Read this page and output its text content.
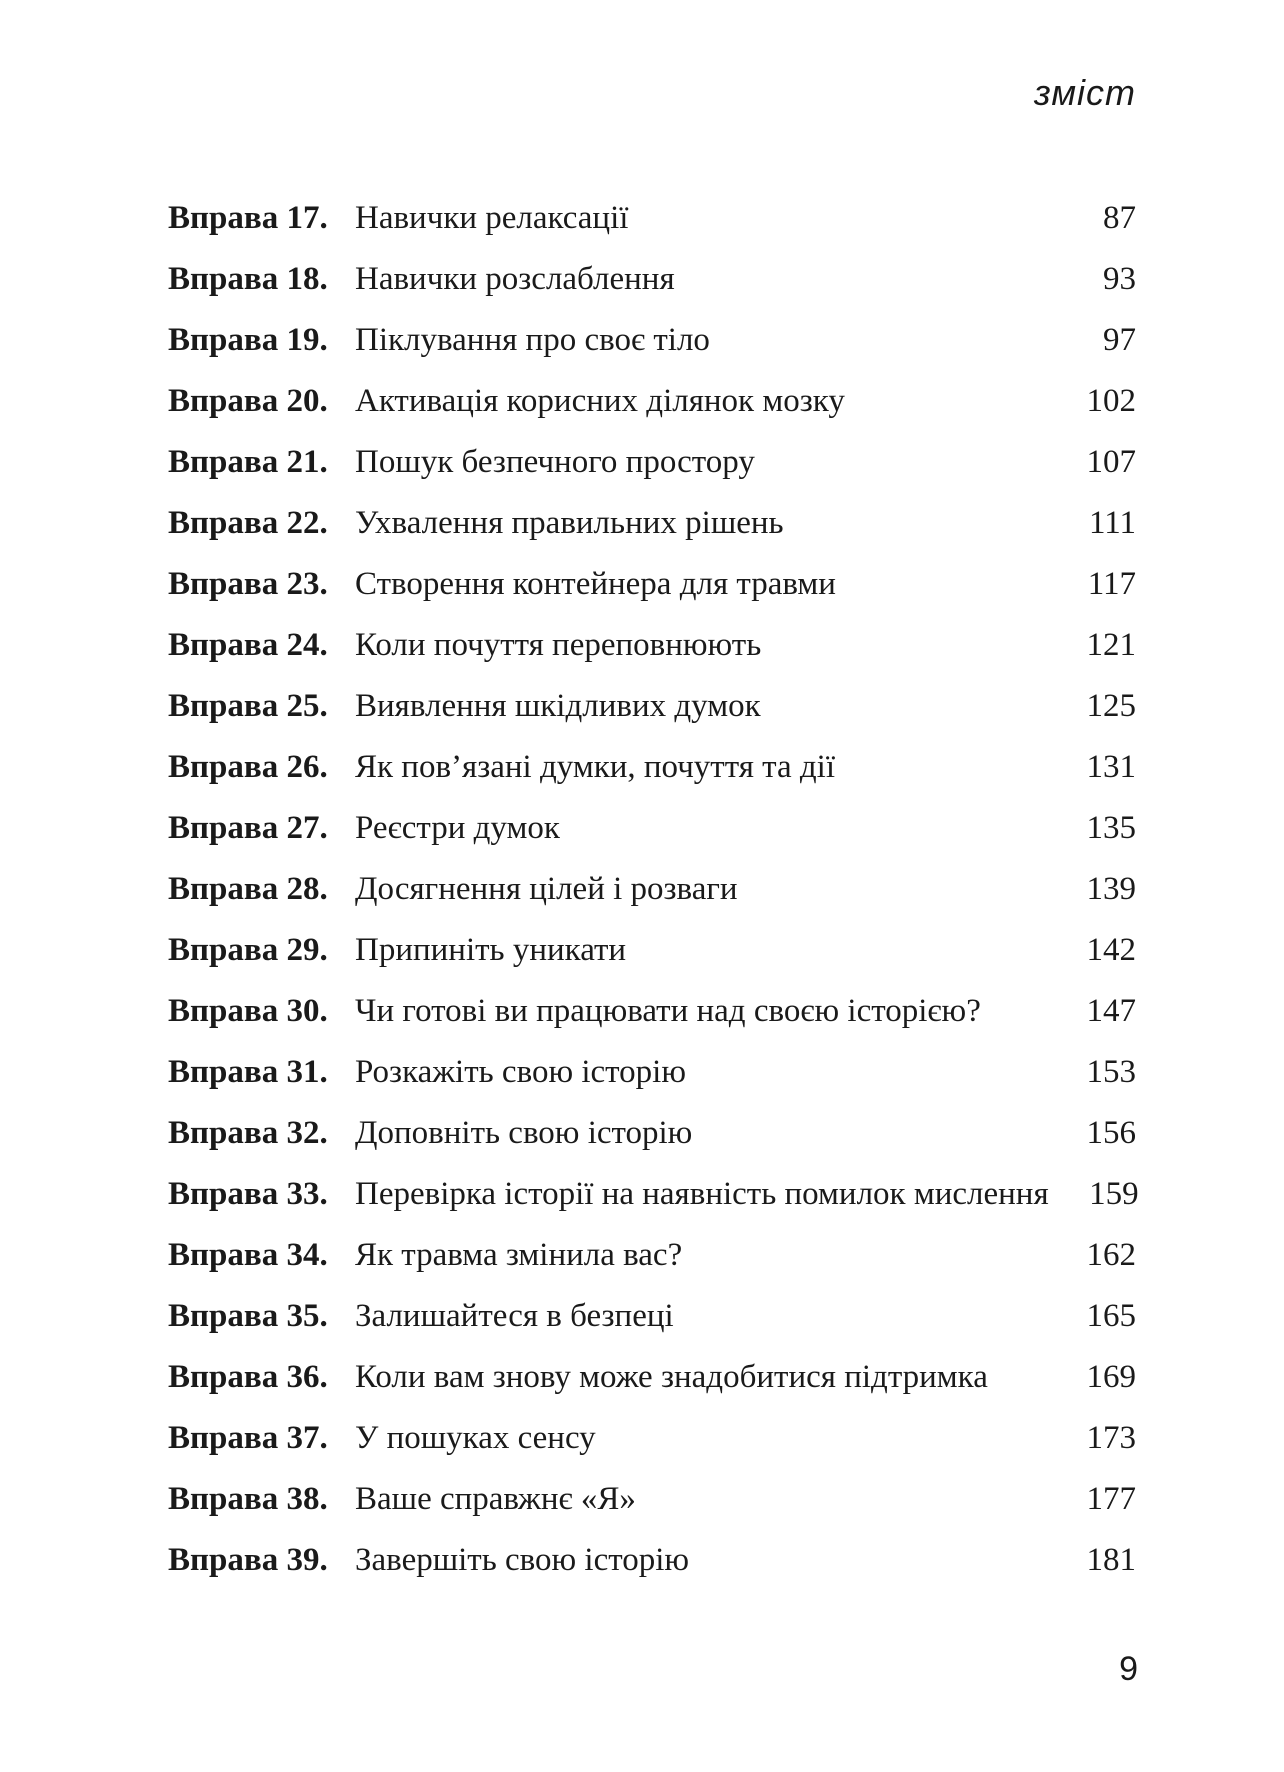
зміст
Вправа 17. Навички релаксації	87
Вправа 18. Навички розслаблення	93
Вправа 19. Піклування про своє тіло	97
Вправа 20. Активація корисних ділянок мозку	102
Вправа 21. Пошук безпечного простору	107
Вправа 22. Ухвалення правильних рішень	111
Вправа 23. Створення контейнера для травми	117
Вправа 24. Коли почуття переповнюють	121
Вправа 25. Виявлення шкідливих думок	125
Вправа 26. Як пов’язані думки, почуття та дії	131
Вправа 27. Реєстри думок	135
Вправа 28. Досягнення цілей і розваги	139
Вправа 29. Припиніть уникати	142
Вправа 30. Чи готові ви працювати над своєю історією?	147
Вправа 31. Розкажіть свою історію	153
Вправа 32. Доповніть свою історію	156
Вправа 33. Перевірка історії на наявність помилок мислення	159
Вправа 34. Як травма змінила вас?	162
Вправа 35. Залишайтеся в безпеці	165
Вправа 36. Коли вам знову може знадобитися підтримка	169
Вправа 37. У пошуках сенсу	173
Вправа 38. Ваше справжнє «Я»	177
Вправа 39. Завершіть свою історію	181
9
